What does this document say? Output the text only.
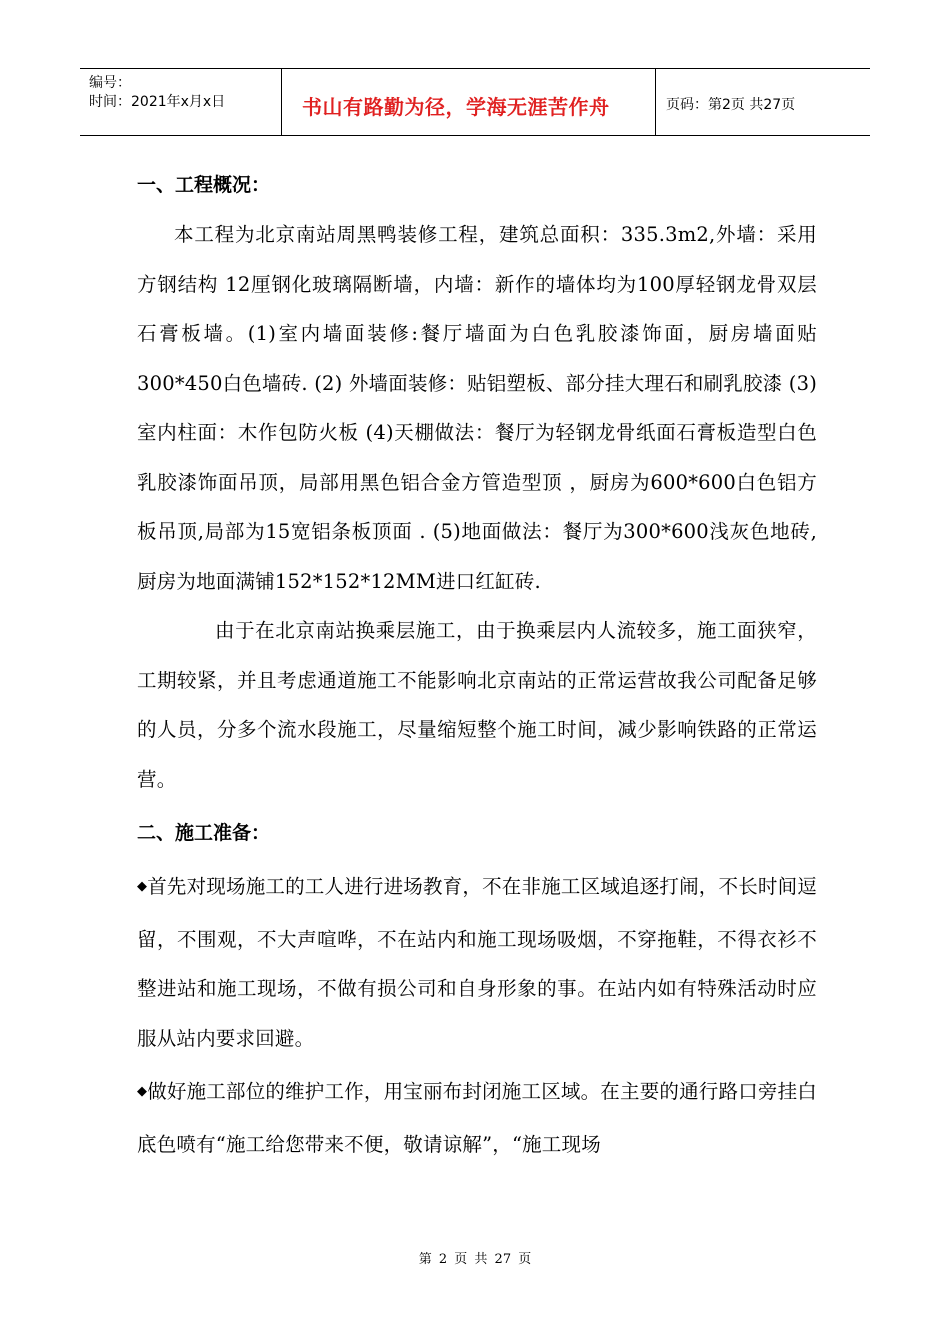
编号：
时间：2021年x月x日	书山有路勤为径，学海无涯苦作舟	页码：第2页 共27页
一、工程概况：
本工程为北京南站周黑鸭装修工程，建筑总面积：335.3m2,外墙：采用方钢结构 12厘钢化玻璃隔断墙，内墙：新作的墙体均为100厚轻钢龙骨双层石膏板墙。(1)室内墙面装修:餐厅墙面为白色乳胶漆饰面，厨房墙面贴300*450白色墙砖. (2) 外墙面装修：贴铝塑板、部分挂大理石和刷乳胶漆 (3)室内柱面：木作包防火板 (4)天棚做法：餐厅为轻钢龙骨纸面石膏板造型白色乳胶漆饰面吊顶，局部用黑色铝合金方管造型顶 ，厨房为600*600白色铝方板吊顶,局部为15宽铝条板顶面 . (5)地面做法：餐厅为300*600浅灰色地砖,厨房为地面满铺152*152*12MM进口红缸砖.
由于在北京南站换乘层施工，由于换乘层内人流较多，施工面狭窄，工期较紧，并且考虑通道施工不能影响北京南站的正常运营故我公司配备足够的人员，分多个流水段施工，尽量缩短整个施工时间，减少影响铁路的正常运营。
二、施工准备：
◆首先对现场施工的工人进行进场教育，不在非施工区域追逐打闹，不长时间逗留，不围观，不大声喧哗，不在站内和施工现场吸烟，不穿拖鞋，不得衣衫不整进站和施工现场，不做有损公司和自身形象的事。在站内如有特殊活动时应服从站内要求回避。
◆做好施工部位的维护工作，用宝丽布封闭施工区域。在主要的通行路口旁挂白底色喷有“施工给您带来不便，敬请谅解”，“施工现场
第 2 页 共 27 页
